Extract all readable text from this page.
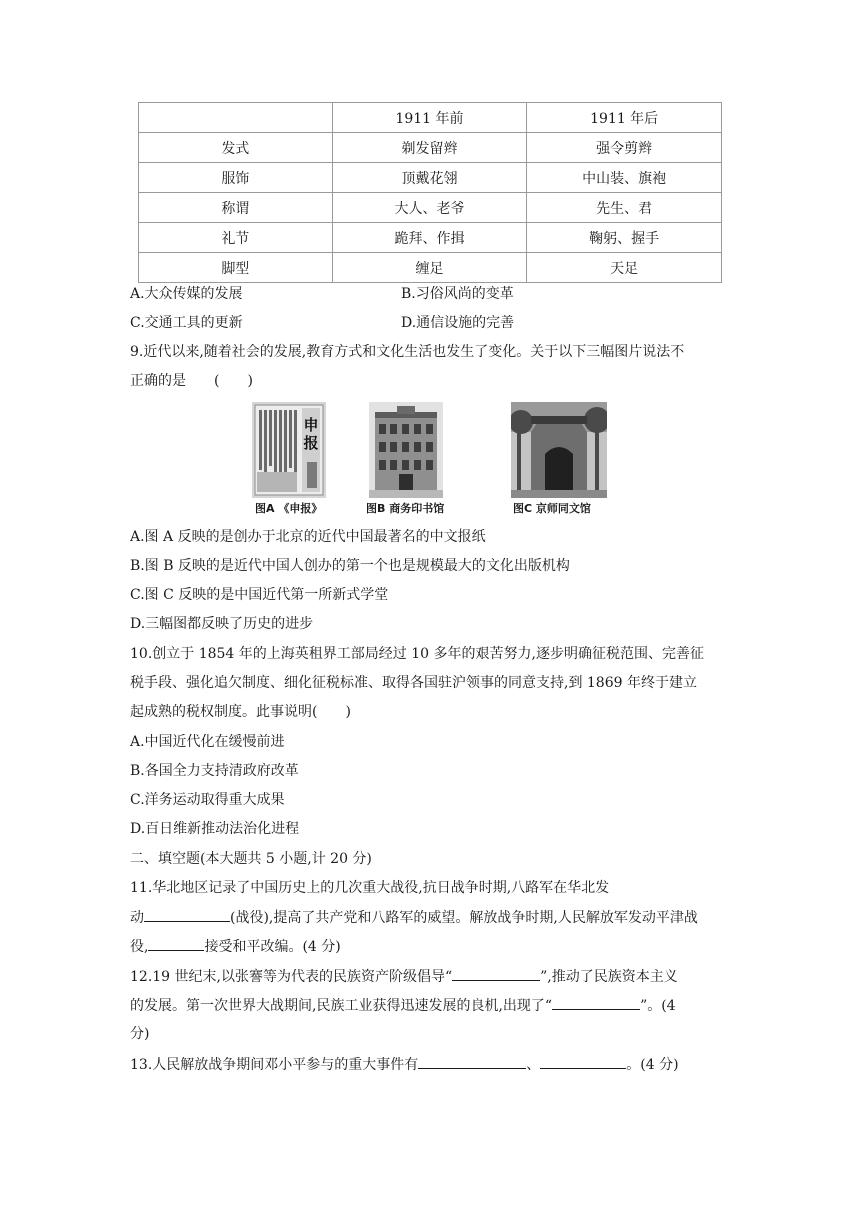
	1911 年前	1911 年后
发式	剃发留辫	强令剪辫
服饰	顶戴花翎	中山装、旗袍
称谓	大人、老爷	先生、君
礼节	跪拜、作揖	鞠躬、握手
脚型	缠足	天足
A.大众传媒的发展	B.习俗风尚的变革
C.交通工具的更新	D.通信设施的完善
9.近代以来,随着社会的发展,教育方式和文化生活也发生了变化。关于以下三幅图片说法不
正确的是　　(　　)
申
报
图A 《申报》	图B 商务印书馆	图C 京师同文馆
A.图 A 反映的是创办于北京的近代中国最著名的中文报纸
B.图 B 反映的是近代中国人创办的第一个也是规模最大的文化出版机构
C.图 C 反映的是中国近代第一所新式学堂
D.三幅图都反映了历史的进步
10.创立于 1854 年的上海英租界工部局经过 10 多年的艰苦努力,逐步明确征税范围、完善征
税手段、强化追欠制度、细化征税标准、取得各国驻沪领事的同意支持,到 1869 年终于建立
起成熟的税权制度。此事说明(　　)
A.中国近代化在缓慢前进
B.各国全力支持清政府改革
C.洋务运动取得重大成果
D.百日维新推动法治化进程
二、填空题(本大题共 5 小题,计 20 分)
11.华北地区记录了中国历史上的几次重大战役,抗日战争时期,八路军在华北发
动	(战役),提高了共产党和八路军的威望。解放战争时期,人民解放军发动平津战
役,	接受和平改编。(4 分)
12.19 世纪末,以张謇等为代表的民族资产阶级倡导“	”,推动了民族资本主义
的发展。第一次世界大战期间,民族工业获得迅速发展的良机,出现了“	”。(4
分)
13.人民解放战争期间邓小平参与的重大事件有	、	。(4 分)
